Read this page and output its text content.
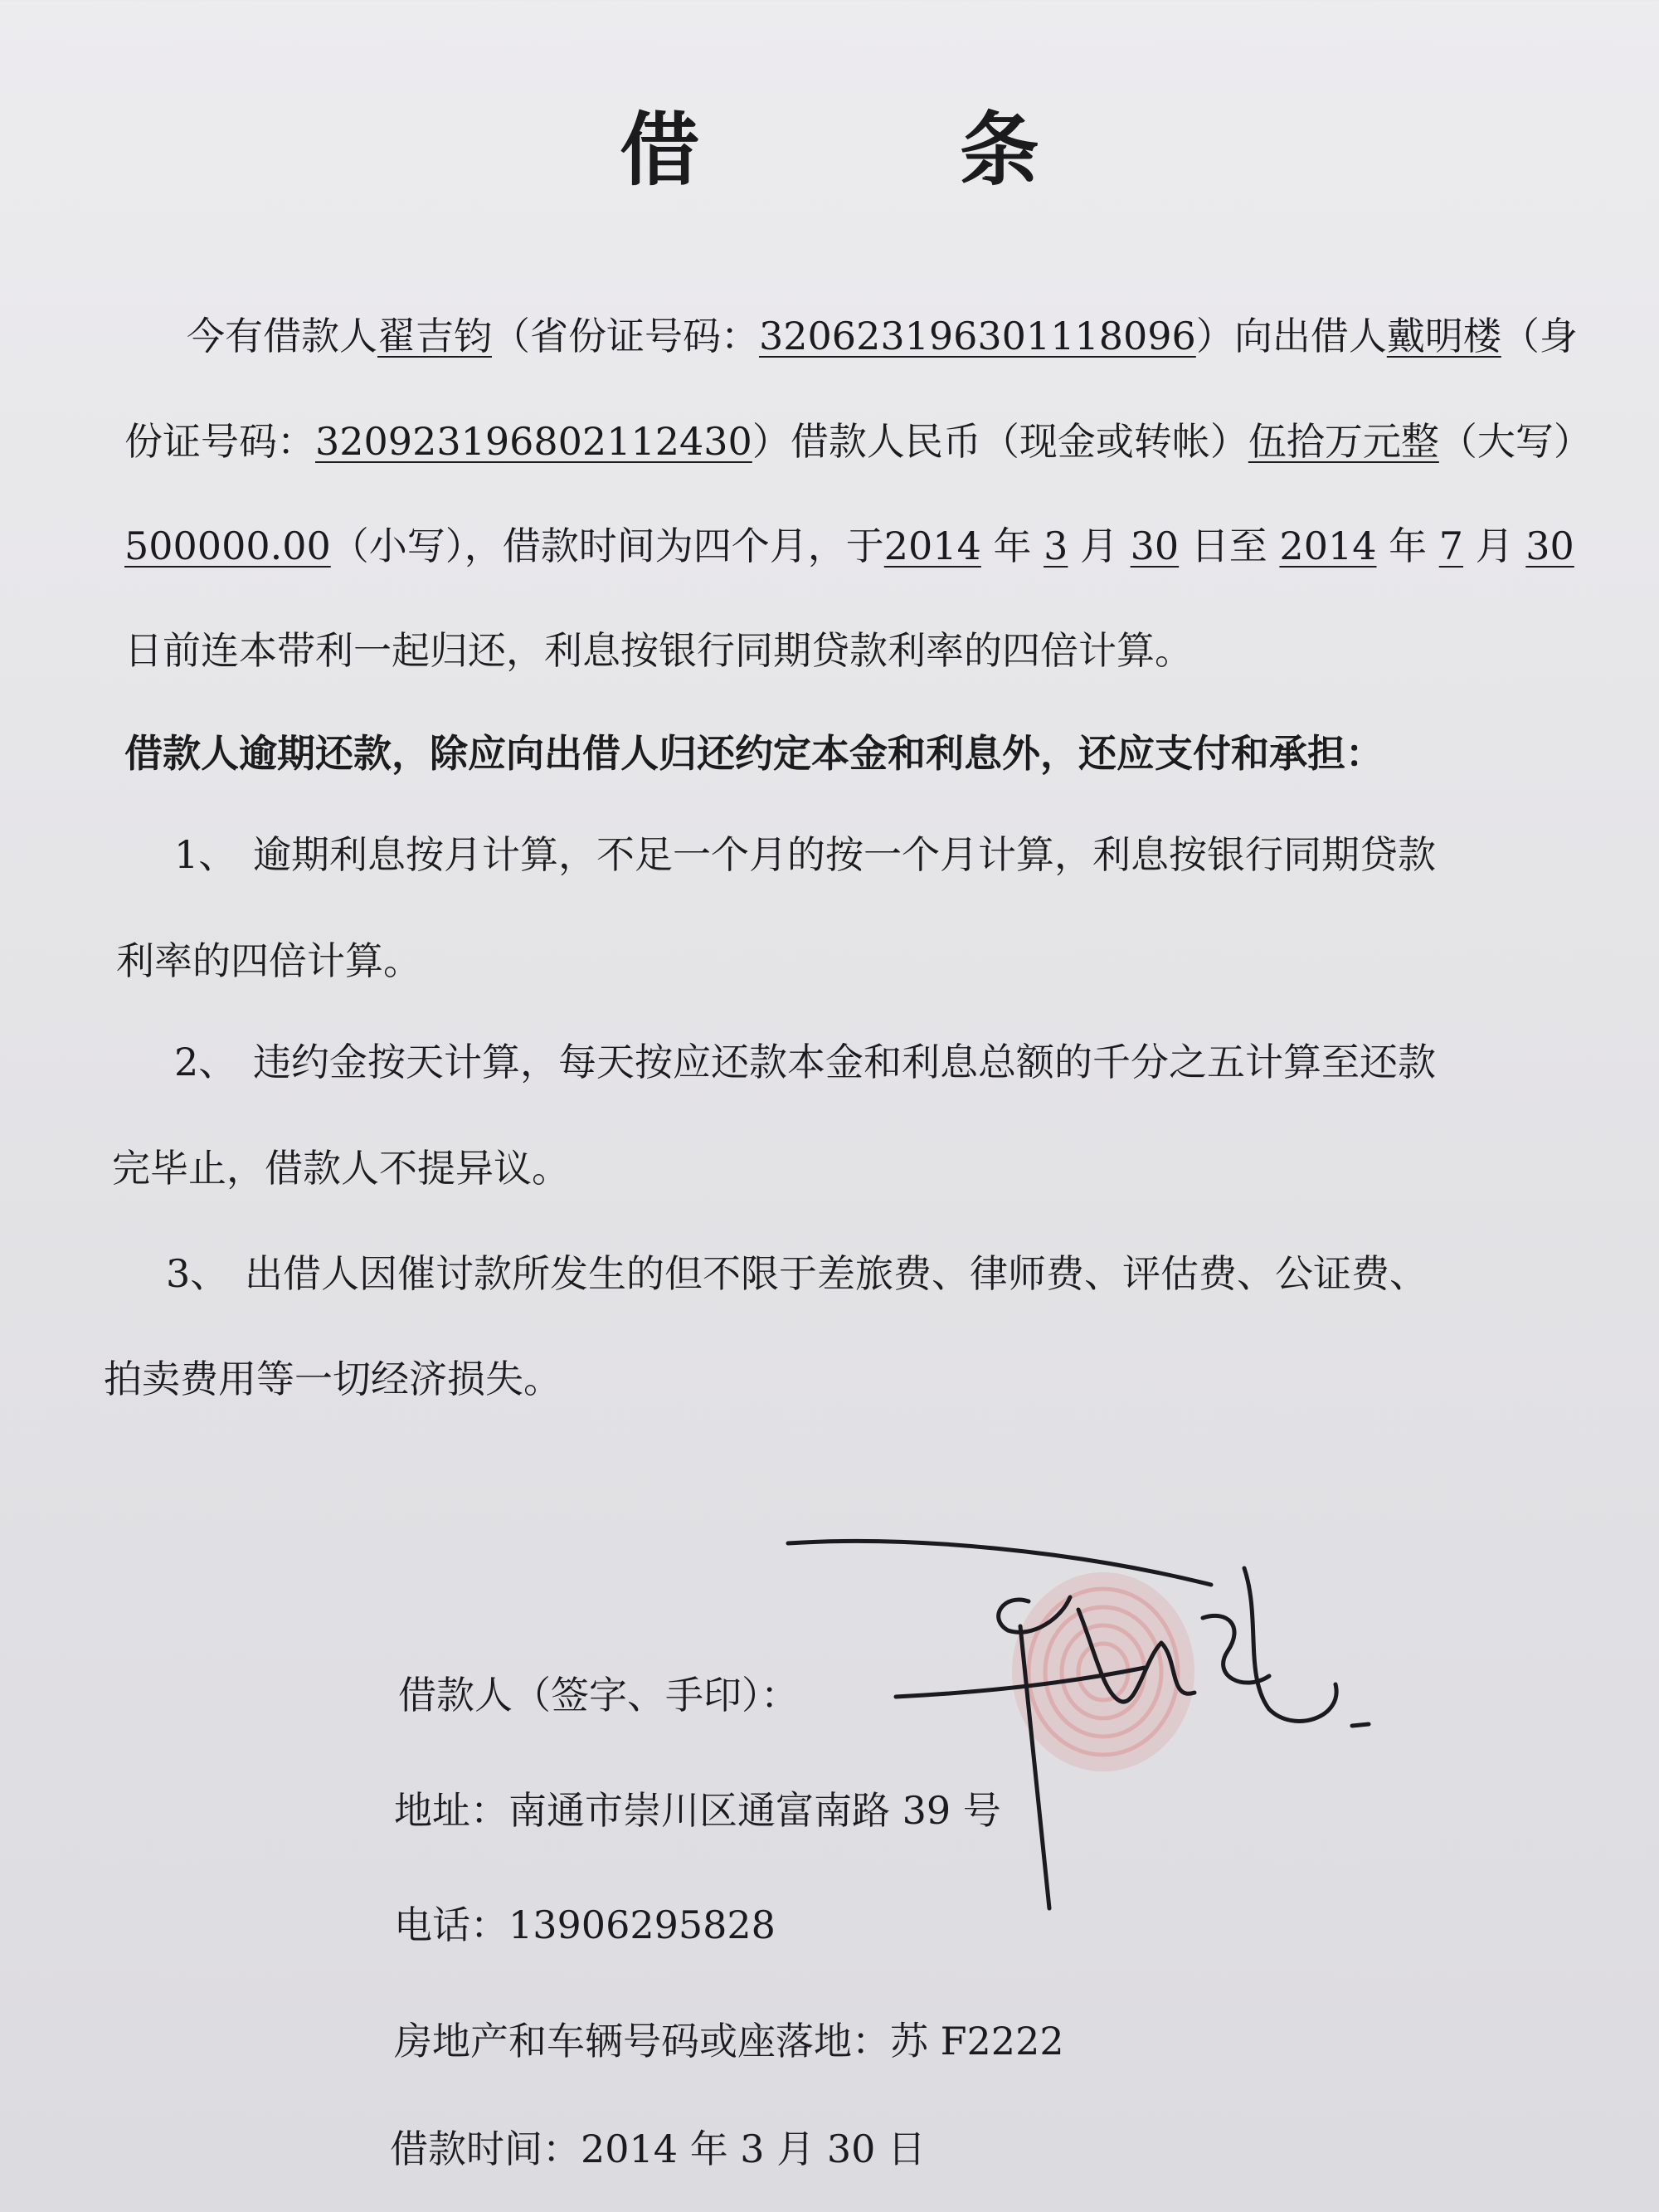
借 条
今有借款人翟吉钧（省份证号码：320623196301118096）向出借人戴明楼（身
份证号码：320923196802112430）借款人民币（现金或转帐）伍拾万元整（大写）
500000.00（小写），借款时间为四个月，于2014 年 3 月 30 日至 2014 年 7 月 30
日前连本带利一起归还，利息按银行同期贷款利率的四倍计算。
借款人逾期还款，除应向出借人归还约定本金和利息外，还应支付和承担：
1、 逾期利息按月计算，不足一个月的按一个月计算，利息按银行同期贷款
利率的四倍计算。
2、 违约金按天计算，每天按应还款本金和利息总额的千分之五计算至还款
完毕止，借款人不提异议。
3、 出借人因催讨款所发生的但不限于差旅费、律师费、评估费、公证费、
拍卖费用等一切经济损失。
借款人（签字、手印）：
地址：南通市崇川区通富南路 39 号
电话：13906295828
房地产和车辆号码或座落地：苏 F2222
借款时间：2014 年 3 月 30 日
